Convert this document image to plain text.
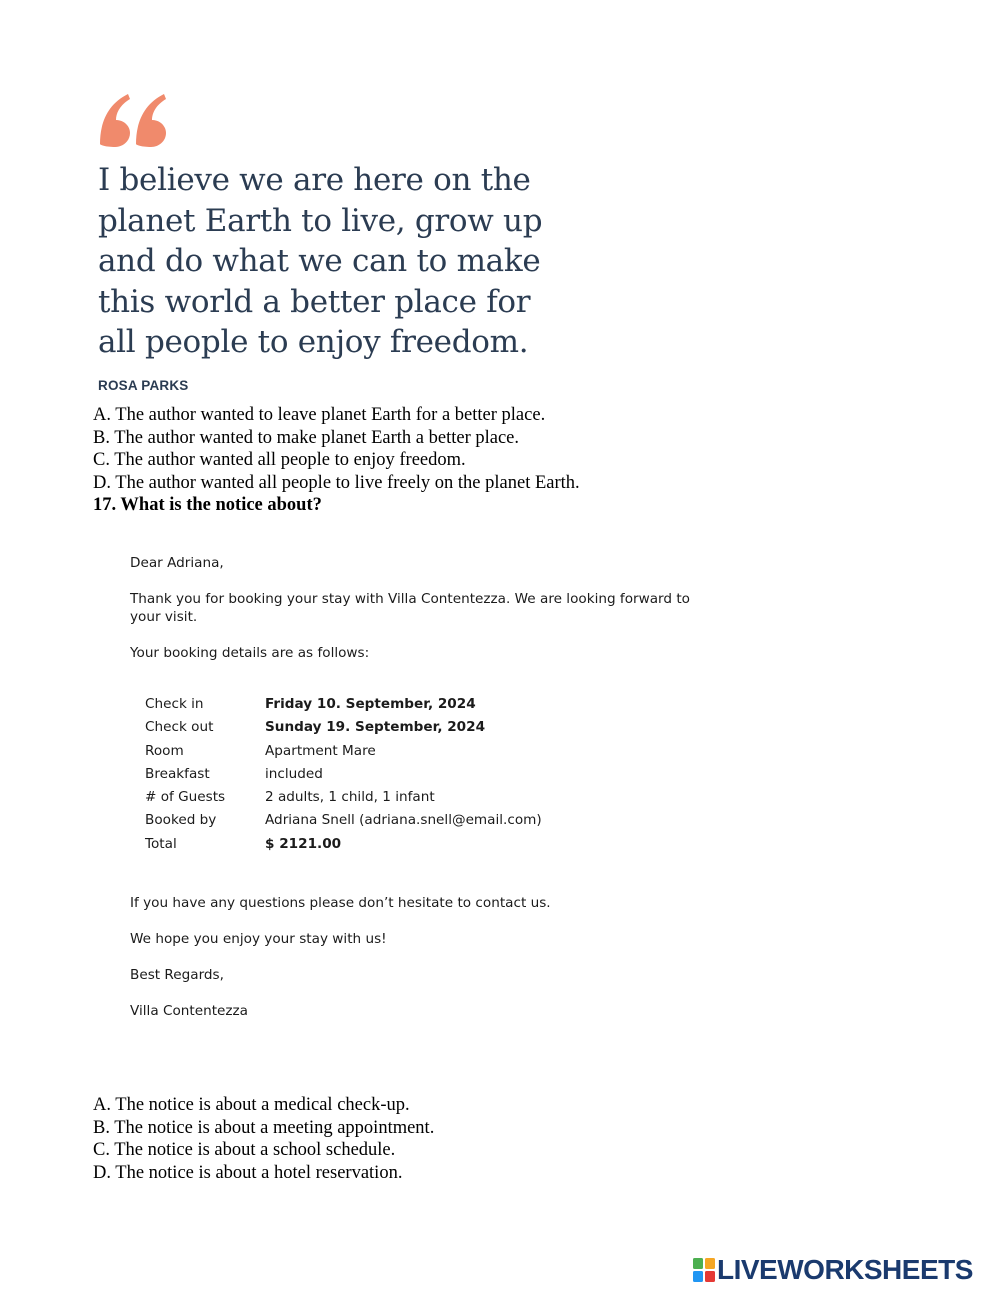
I believe we are here on the planet Earth to live, grow up and do what we can to make this world a better place for all people to enjoy freedom.
ROSA PARKS
A. The author wanted to leave planet Earth for a better place.
B. The author wanted to make planet Earth a better place.
C. The author wanted all people to enjoy freedom.
D. The author wanted all people to live freely on the planet Earth.
17. What is the notice about?

Dear Adriana,

Thank you for booking your stay with Villa Contentezza. We are looking forward to your visit.

Your booking details are as follows:

Check in	Friday 10. September, 2024
Check out	Sunday 19. September, 2024
Room	Apartment Mare
Breakfast	included
# of Guests	2 adults, 1 child, 1 infant
Booked by	Adriana Snell (adriana.snell@email.com)
Total	$ 2121.00

If you have any questions please don’t hesitate to contact us.

We hope you enjoy your stay with us!

Best Regards,

Villa Contentezza

A. The notice is about a medical check-up.
B. The notice is about a meeting appointment.
C. The notice is about a school schedule.
D. The notice is about a hotel reservation.
LIVEWORKSHEETS
